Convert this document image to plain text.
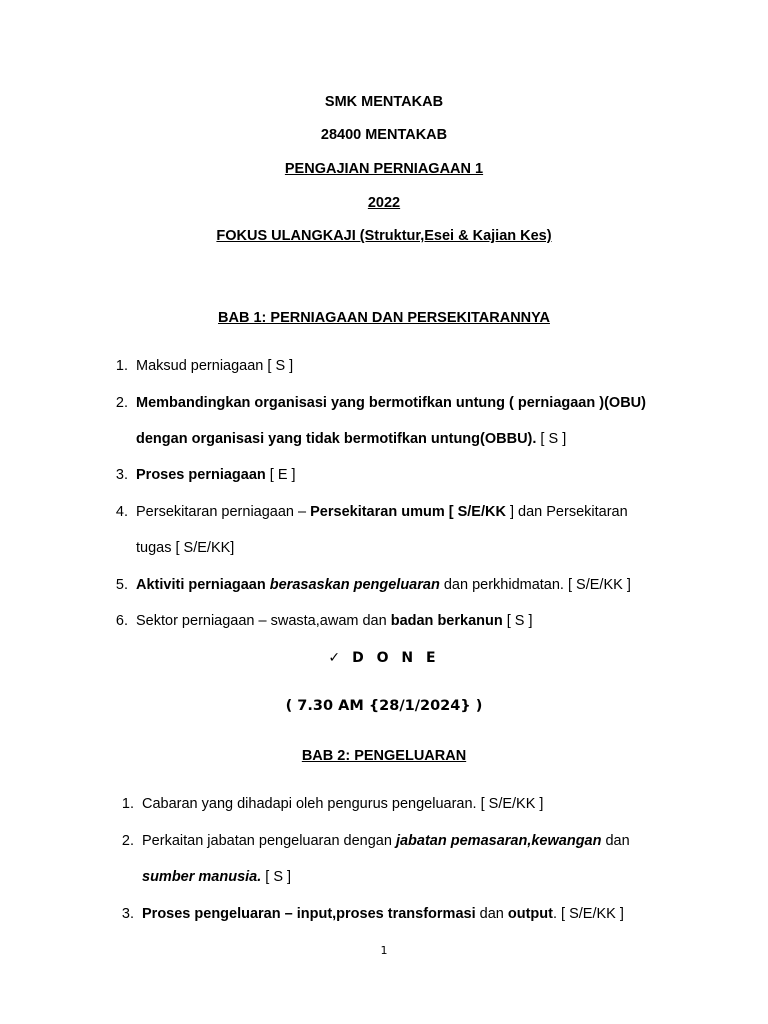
SMK MENTAKAB
28400 MENTAKAB
PENGAJIAN PERNIAGAAN 1
2022
FOKUS ULANGKAJI (Struktur,Esei & Kajian Kes)
BAB 1: PERNIAGAAN DAN PERSEKITARANNYA
1. Maksud perniagaan [ S ]
2. Membandingkan organisasi yang bermotifkan untung ( perniagaan )(OBU)
dengan organisasi yang tidak bermotifkan untung(OBBU). [ S ]
3. Proses perniagaan [ E ]
4. Persekitaran perniagaan – Persekitaran umum [ S/E/KK ] dan Persekitaran
tugas [ S/E/KK]
5. Aktiviti perniagaan berasaskan pengeluaran dan perkhidmatan. [ S/E/KK ]
6. Sektor perniagaan – swasta,awam dan badan berkanun [ S ]
✓ D O N E
( 7.30 AM {28/1/2024} )
BAB 2: PENGELUARAN
1. Cabaran yang dihadapi oleh pengurus pengeluaran. [ S/E/KK ]
2. Perkaitan jabatan pengeluaran dengan jabatan pemasaran,kewangan dan
sumber manusia. [ S ]
3. Proses pengeluaran – input,proses transformasi dan output. [ S/E/KK ]
1
